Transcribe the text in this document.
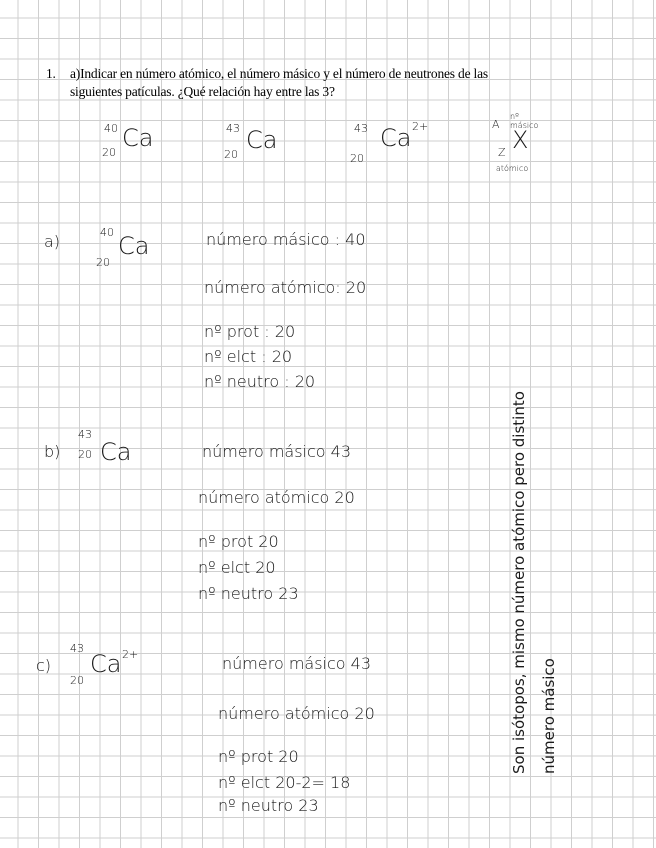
1. a)Indicar en número atómico, el número másico y el número de neutrones de las
siguientes patículas. ¿Qué relación hay entre las 3?
40
20
Ca	43
20
Ca	43
20
Ca 2+	A
nº másico
Z X
atómico
a)	40
20
Ca	número másico : 40
número atómico: 20
nº prot : 20
nº elct : 20
nº neutro : 20
b)
43
20 Ca	número másico 43
número atómico 20
nº prot 20
nº elct 20
nº neutro 23
c)
43
20
Ca 2+	número másico 43
número atómico 20
nº prot 20
nº elct 20-2= 18
nº neutro 23
Son isótopos, mismo número atómico pero distinto número másico
